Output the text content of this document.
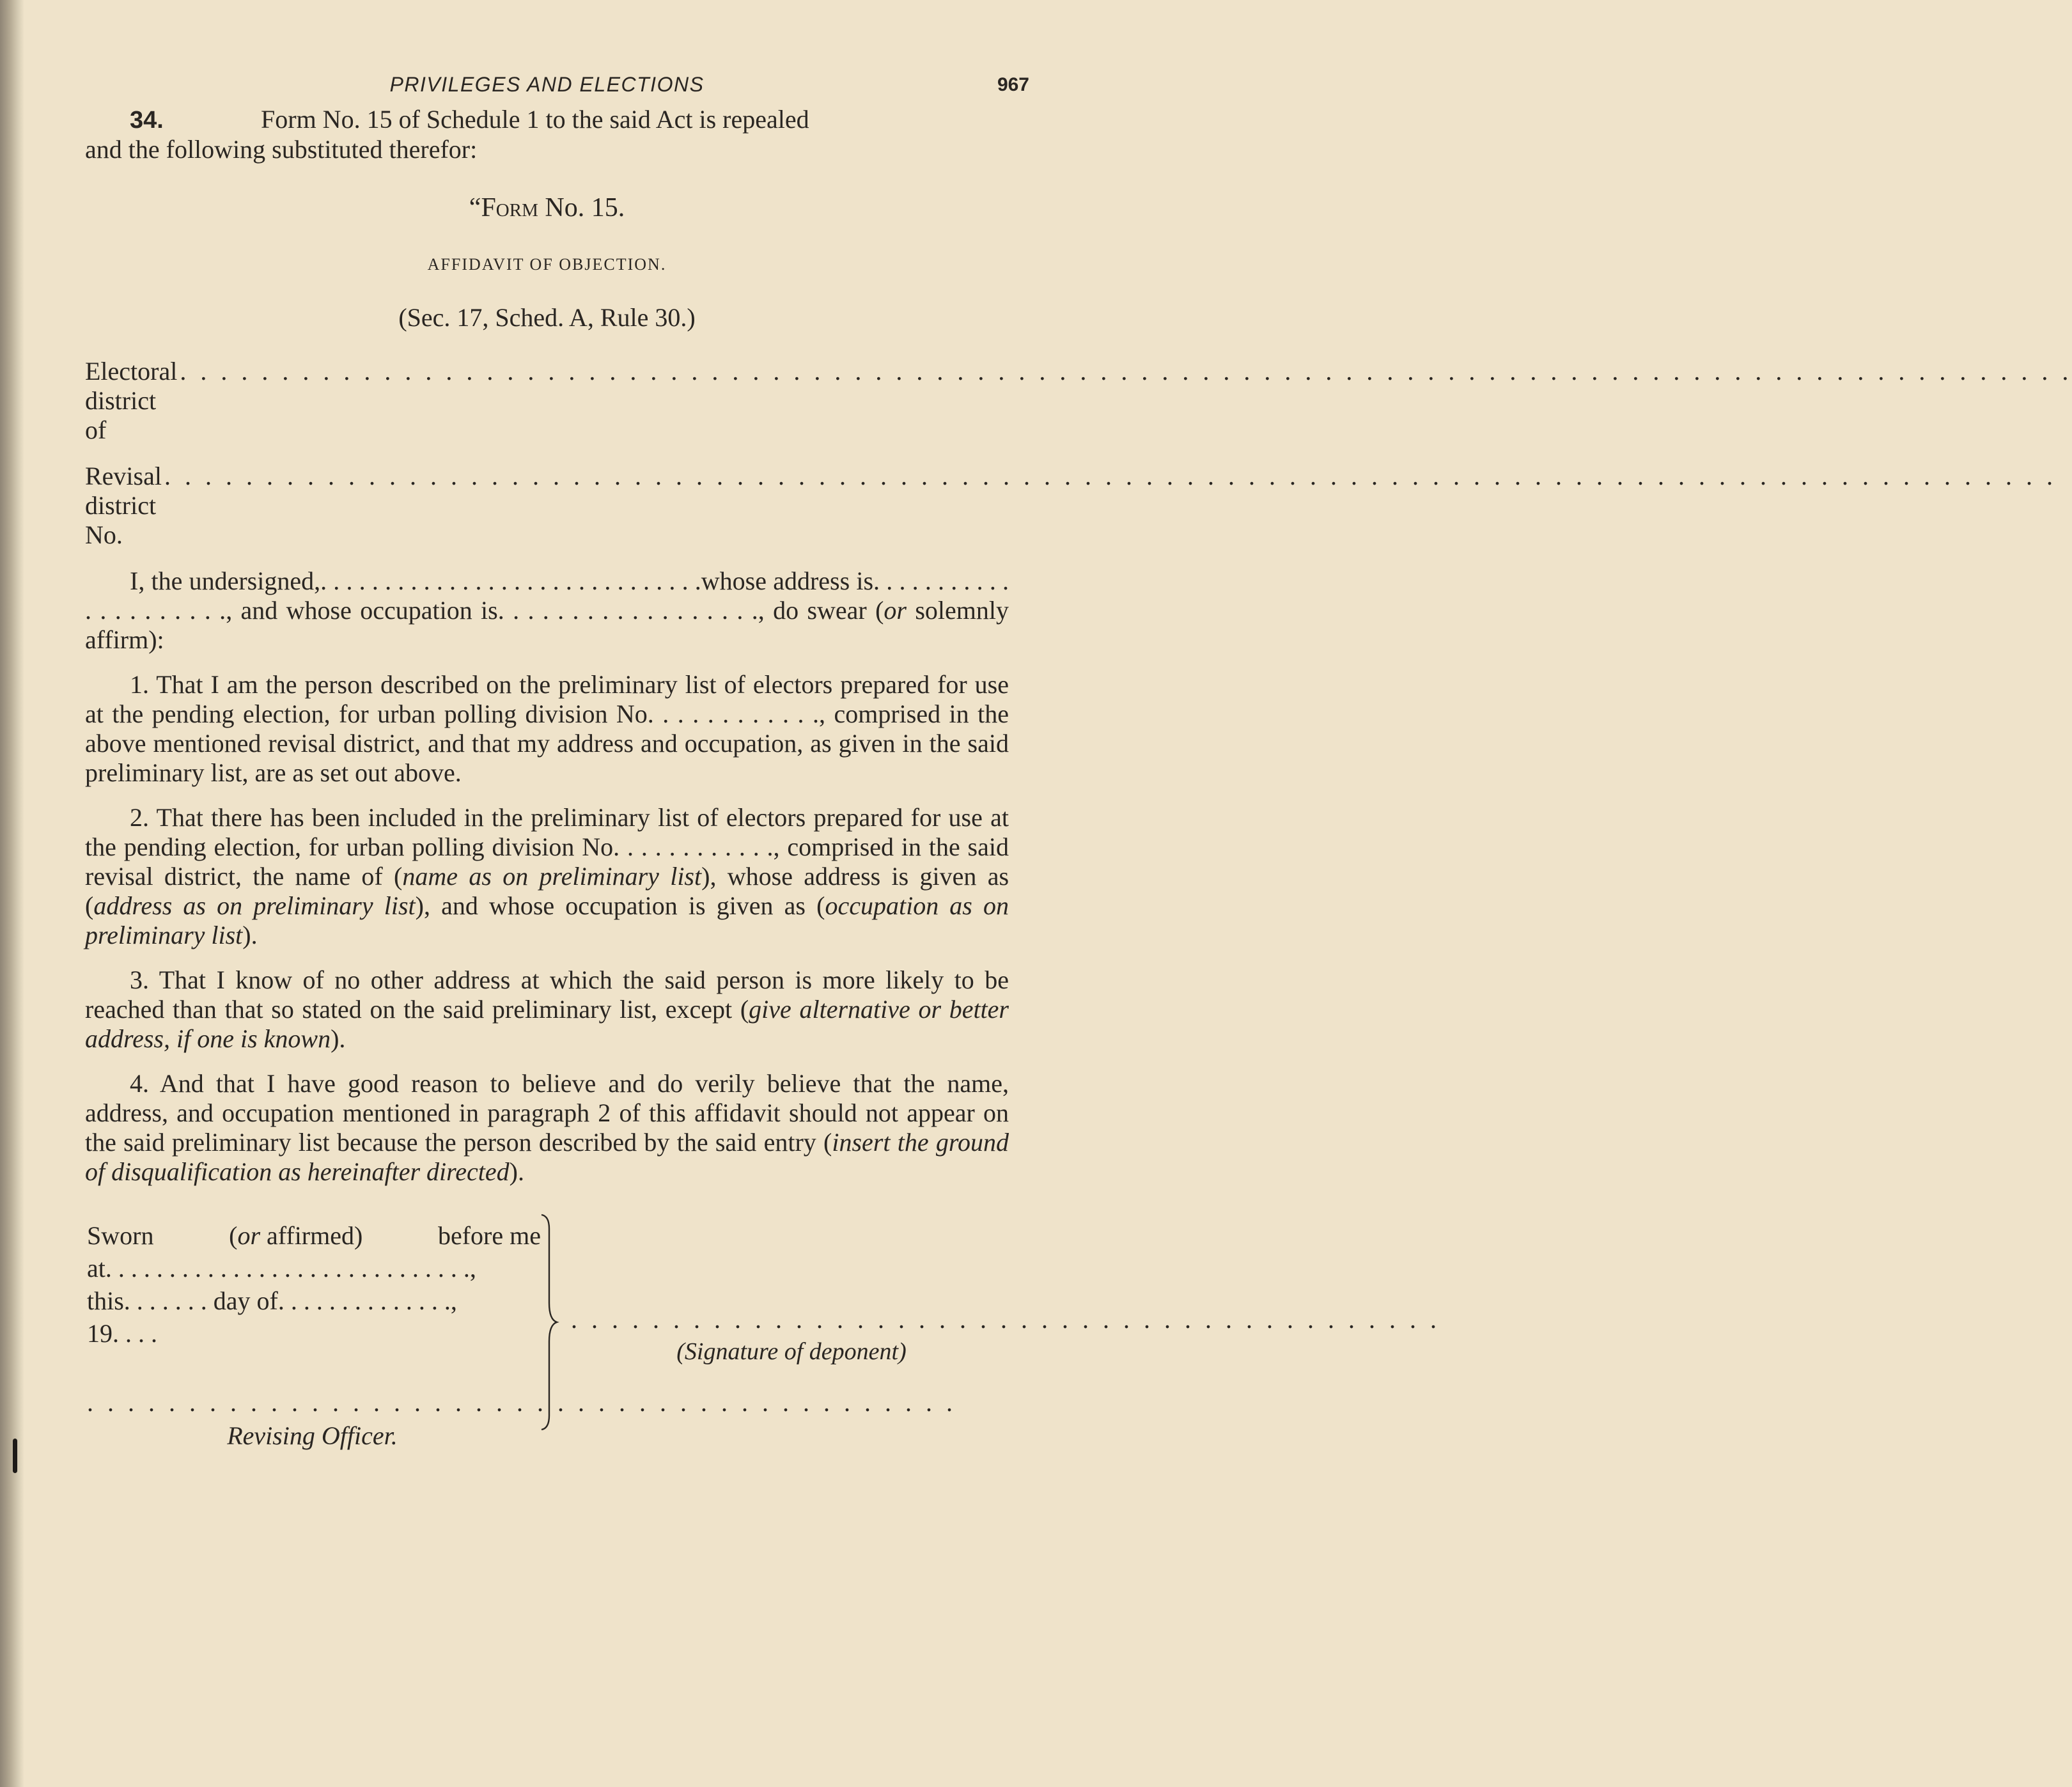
PRIVILEGES AND ELECTIONS	967

34.	Form No. 15 of Schedule 1 to the said Act is repealed
and the following substituted therefor:

“Form No. 15.
AFFIDAVIT OF OBJECTION.
(Sec. 17, Sched. A, Rule 30.)
Electoral district of
. . . . . . . . . . . . . . . . . . . . . . . . . . . . . . . . . . . . . . . . . . . . . . . . . . . . . . . . . . . . . . . . . . . . . . . . . . . . . . . . . . . . . . . . . . . . .
Revisal district No.
. . . . . . . . . . . . . . . . . . . . . . . . . . . . . . . . . . . . . . . . . . . . . . . . . . . . . . . . . . . . . . . . . . . . . . . . . . . . . . . . . . . . . . . . . . . . .

I, the undersigned,. . . . . . . . . . . . . . . . . . . . . . . . . . . . . .whose address is. . . . . . . . . . . . . . . . . . . . ., and whose occupation is. . . . . . . . . . . . . . . . . ., do swear (or solemnly affirm):

1. That I am the person described on the preliminary list of electors prepared for use at the pending election, for urban polling division No. . . . . . . . . . . ., comprised in the above mentioned revisal district, and that my address and occupation, as given in the said preliminary list, are as set out above.

2. That there has been included in the preliminary list of electors prepared for use at the pending election, for urban polling division No. . . . . . . . . . . ., comprised in the said revisal district, the name of (name as on preliminary list), whose address is given as (address as on preliminary list), and whose occupation is given as (occupation as on preliminary list).

3. That I know of no other address at which the said person is more likely to be reached than that so stated on the said preliminary list, except (give alternative or better address, if one is known).

4. And that I have good reason to believe and do verily believe that the name, address, and occupation mentioned in paragraph 2 of this affidavit should not appear on the said preliminary list because the person described by the said entry (insert the ground of disqualification as hereinafter directed).

Sworn	(or affirmed)	before me
at. . . . . . . . . . . . . . . . . . . . . . . . . . . . .,
this. . . . . . . day of. . . . . . . . . . . . . .,
19. . . .	. . . . . . . . . . . . . . . . . . . . . . . . . . . . . . . . . . . . . . . . . . .
(Signature of deponent)
. . . . . . . . . . . . . . . . . . . . . . . . . . . . . . . . . . . . . . . . . . .
Revising Officer.
